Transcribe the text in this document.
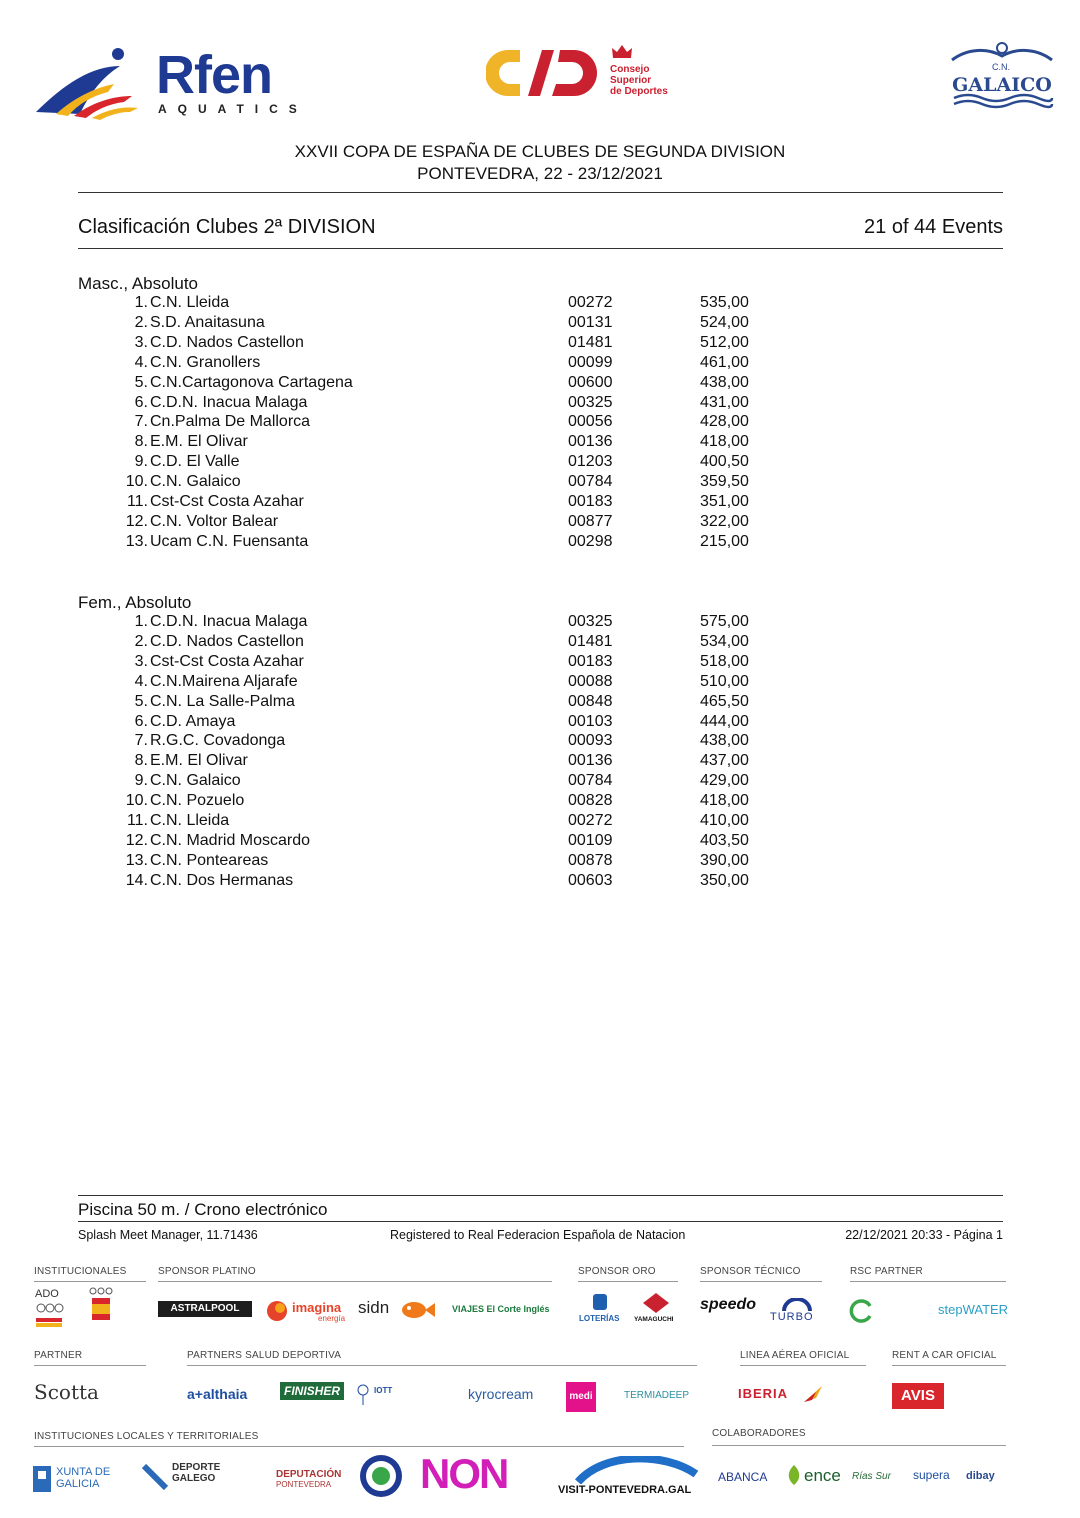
Rfen
AQUATICS
Consejo
Superior
de Deportes
C.N.
GALAICO
XXVII COPA DE ESPAÑA DE CLUBES DE SEGUNDA DIVISION
PONTEVEDRA, 22 - 23/12/2021
Clasificación Clubes 2ª DIVISION	21 of 44 Events
Masc., Absoluto
1. C.N. Lleida	00272	535,00
2. S.D. Anaitasuna	00131	524,00
3. C.D. Nados Castellon	01481	512,00
4. C.N. Granollers	00099	461,00
5. C.N.Cartagonova Cartagena	00600	438,00
6. C.D.N. Inacua Malaga	00325	431,00
7. Cn.Palma De Mallorca	00056	428,00
8. E.M. El Olivar	00136	418,00
9. C.D. El Valle	01203	400,50
10. C.N. Galaico	00784	359,50
11. Cst-Cst Costa Azahar	00183	351,00
12. C.N. Voltor Balear	00877	322,00
13. Ucam C.N. Fuensanta	00298	215,00
Fem., Absoluto
1. C.D.N. Inacua Malaga	00325	575,00
2. C.D. Nados Castellon	01481	534,00
3. Cst-Cst Costa Azahar	00183	518,00
4. C.N.Mairena Aljarafe	00088	510,00
5. C.N. La Salle-Palma	00848	465,50
6. C.D. Amaya	00103	444,00
7. R.G.C. Covadonga	00093	438,00
8. E.M. El Olivar	00136	437,00
9. C.N. Galaico	00784	429,00
10. C.N. Pozuelo	00828	418,00
11. C.N. Lleida	00272	410,00
12. C.N. Madrid Moscardo	00109	403,50
13. C.N. Ponteareas	00878	390,00
14. C.N. Dos Hermanas	00603	350,00
Piscina 50 m. / Crono electrónico
Splash Meet Manager, 11.71436	Registered to Real Federacion Española de Natacion	22/12/2021 20:33 - Página 1
INSTITUCIONALES	SPONSOR PLATINO	SPONSOR ORO	SPONSOR TÉCNICO	RSC PARTNER
ADO
ASTRALPOOL	imagina
energía
sidn	VIAJES El Corte Inglés
LOTERÍAS YAMAGUCHI
speedo
TURBO	stepWATER
PARTNER	PARTNERS SALUD DEPORTIVA	LINEA AÉREA OFICIAL	RENT A CAR OFICIAL
Scotta	a+althaia	FINISHER	IOTT	kyrocream	medi	TERMIADEEP	IBERIA	AVIS
INSTITUCIONES LOCALES Y TERRITORIALES	COLABORADORES
XUNTA DE GALICIA
DEPORTE GALEGO	DEPUTACIÓN
PONTEVEDRA NON	VISIT-PONTEVEDRA.GAL
ABANCA ence Rías Sur supera dibay
